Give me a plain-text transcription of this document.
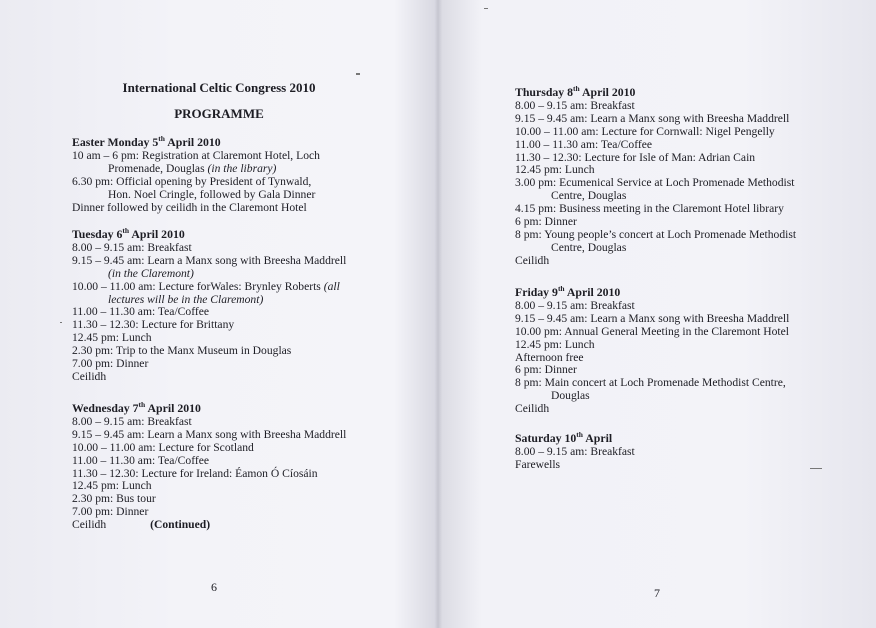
International Celtic Congress 2010
PROGRAMME
Easter Monday 5th April 2010
10 am – 6 pm: Registration at Claremont Hotel, Loch
Promenade, Douglas (in the library)
6.30 pm: Official opening by President of Tynwald,
Hon. Noel Cringle, followed by Gala Dinner
Dinner followed by ceilidh in the Claremont Hotel
Tuesday 6th April 2010
8.00 – 9.15 am: Breakfast
9.15 – 9.45 am: Learn a Manx song with Breesha Maddrell
(in the Claremont)
10.00 – 11.00 am: Lecture forWales: Brynley Roberts (all
lectures will be in the Claremont)
11.00 – 11.30 am: Tea/Coffee
11.30 – 12.30: Lecture for Brittany
12.45 pm: Lunch
2.30 pm: Trip to the Manx Museum in Douglas
7.00 pm: Dinner
Ceilidh
Wednesday 7th April 2010
8.00 – 9.15 am: Breakfast
9.15 – 9.45 am: Learn a Manx song with Breesha Maddrell
10.00 – 11.00 am: Lecture for Scotland
11.00 – 11.30 am: Tea/Coffee
11.30 – 12.30: Lecture for Ireland: Éamon Ó Cíosáin
12.45 pm: Lunch
2.30 pm: Bus tour
7.00 pm: Dinner
Ceilidh	(Continued)
6
Thursday 8th April 2010
8.00 – 9.15 am: Breakfast
9.15 – 9.45 am: Learn a Manx song with Breesha Maddrell
10.00 – 11.00 am: Lecture for Cornwall: Nigel Pengelly
11.00 – 11.30 am: Tea/Coffee
11.30 – 12.30: Lecture for Isle of Man: Adrian Cain
12.45 pm: Lunch
3.00 pm: Ecumenical Service at Loch Promenade Methodist
Centre, Douglas
4.15 pm: Business meeting in the Claremont Hotel library
6 pm: Dinner
8 pm: Young people’s concert at Loch Promenade Methodist
Centre, Douglas
Ceilidh
Friday 9th April 2010
8.00 – 9.15 am: Breakfast
9.15 – 9.45 am: Learn a Manx song with Breesha Maddrell
10.00 pm: Annual General Meeting in the Claremont Hotel
12.45 pm: Lunch
Afternoon free
6 pm: Dinner
8 pm: Main concert at Loch Promenade Methodist Centre,
Douglas
Ceilidh
Saturday 10th April
8.00 – 9.15 am: Breakfast
Farewells
7
